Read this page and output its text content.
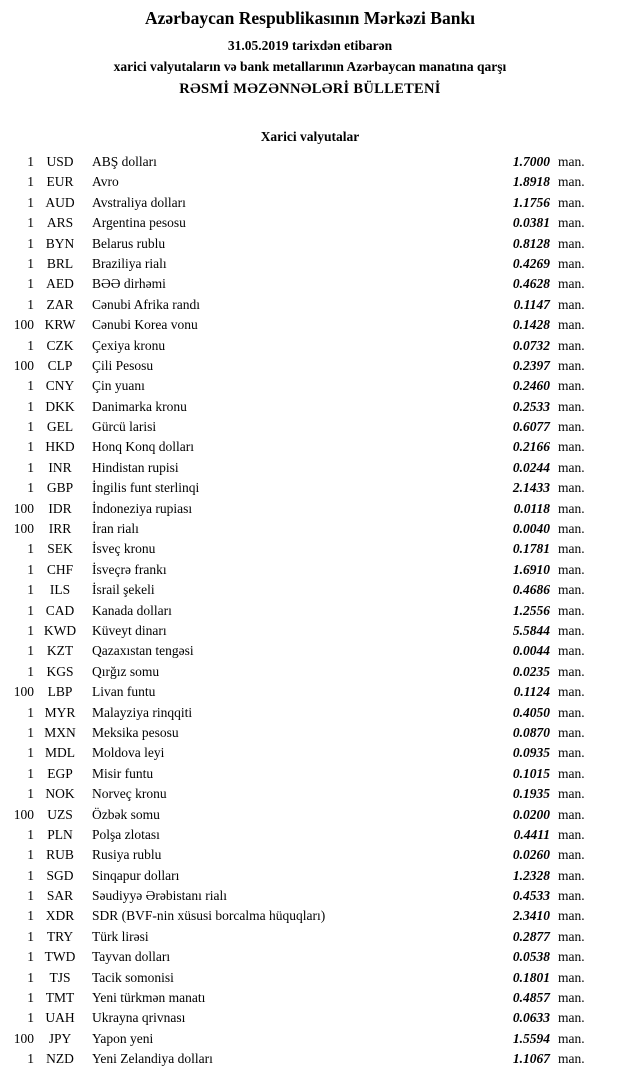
Azərbaycan Respublikasının Mərkəzi Bankı
31.05.2019 tarixdən etibarən
xarici valyutaların və bank metallarının Azərbaycan manatına qarşı
RƏSMİ MƏZƏNNƏLƏRİ BÜLLETENİ
Xarici valyutalar
1 USD	ABŞ dolları	1.7000 man.
1 EUR	Avro	1.8918 man.
1 AUD	Avstraliya dolları	1.1756 man.
1 ARS	Argentina pesosu	0.0381 man.
1 BYN	Belarus rublu	0.8128 man.
1 BRL	Braziliya rialı	0.4269 man.
1 AED	BƏƏ dirhəmi	0.4628 man.
1 ZAR	Cənubi Afrika randı	0.1147 man.
100 KRW	Cənubi Korea vonu	0.1428 man.
1 CZK	Çexiya kronu	0.0732 man.
100	CLP	Çili Pesosu	0.2397 man.
1 CNY	Çin yuanı	0.2460 man.
1 DKK	Danimarka kronu	0.2533 man.
1 GEL	Gürcü larisi	0.6077 man.
1 HKD	Honq Konq dolları	0.2166 man.
1	INR	Hindistan rupisi	0.0244 man.
1 GBP	İngilis funt sterlinqi	2.1433 man.
100	IDR	İndoneziya rupiası	0.0118 man.
100	IRR	İran rialı	0.0040 man.
1 SEK	İsveç kronu	0.1781 man.
1 CHF	İsveçrə frankı	1.6910 man.
1	ILS	İsrail şekeli	0.4686 man.
1 CAD	Kanada dolları	1.2556 man.
1 KWD	Küveyt dinarı	5.5844 man.
1 KZT	Qazaxıstan tengəsi	0.0044 man.
1 KGS	Qırğız somu	0.0235 man.
100	LBP	Livan funtu	0.1124 man.
1 MYR	Malayziya rinqqiti	0.4050 man.
1 MXN	Meksika pesosu	0.0870 man.
1 MDL	Moldova leyi	0.0935 man.
1 EGP	Misir funtu	0.1015 man.
1 NOK	Norveç kronu	0.1935 man.
100 UZS	Özbək somu	0.0200 man.
1 PLN	Polşa zlotası	0.4411 man.
1 RUB	Rusiya rublu	0.0260 man.
1 SGD	Sinqapur dolları	1.2328 man.
1 SAR	Səudiyyə Ərəbistanı rialı	0.4533 man.
1 XDR	SDR (BVF-nin xüsusi borcalma hüquqları)	2.3410 man.
1 TRY	Türk lirəsi	0.2877 man.
1 TWD	Tayvan dolları	0.0538 man.
1	TJS	Tacik somonisi	0.1801 man.
1 TMT	Yeni türkmən manatı	0.4857 man.
1 UAH	Ukrayna qrivnası	0.0633 man.
100	JPY	Yapon yeni	1.5594 man.
1 NZD	Yeni Zelandiya dolları	1.1067 man.
